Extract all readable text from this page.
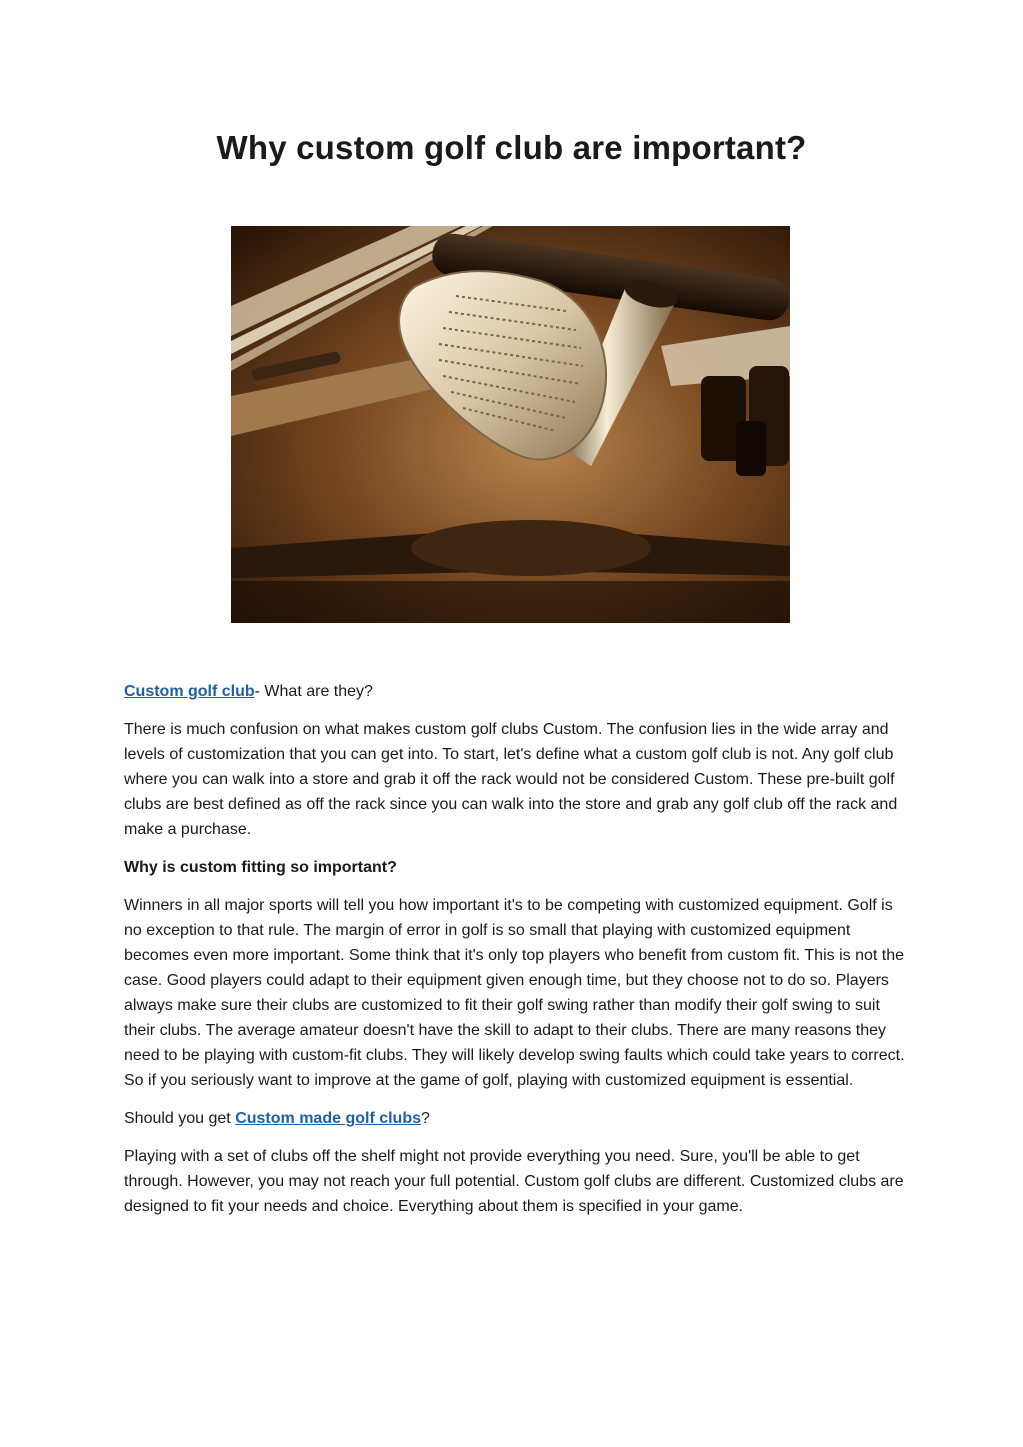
Why custom golf club are important?

Custom golf club- What are they?

There is much confusion on what makes custom golf clubs Custom. The confusion lies in the wide array and levels of customization that you can get into. To start, let's define what a custom golf club is not. Any golf club where you can walk into a store and grab it off the rack would not be considered Custom. These pre-built golf clubs are best defined as off the rack since you can walk into the store and grab any golf club off the rack and make a purchase.

Why is custom fitting so important?

Winners in all major sports will tell you how important it's to be competing with customized equipment. Golf is no exception to that rule. The margin of error in golf is so small that playing with customized equipment becomes even more important. Some think that it's only top players who benefit from custom fit. This is not the case. Good players could adapt to their equipment given enough time, but they choose not to do so. Players always make sure their clubs are customized to fit their golf swing rather than modify their golf swing to suit their clubs. The average amateur doesn't have the skill to adapt to their clubs. There are many reasons they need to be playing with custom-fit clubs. They will likely develop swing faults which could take years to correct. So if you seriously want to improve at the game of golf, playing with customized equipment is essential.

Should you get Custom made golf clubs?

Playing with a set of clubs off the shelf might not provide everything you need. Sure, you'll be able to get through. However, you may not reach your full potential. Custom golf clubs are different. Customized clubs are designed to fit your needs and choice. Everything about them is specified in your game.
